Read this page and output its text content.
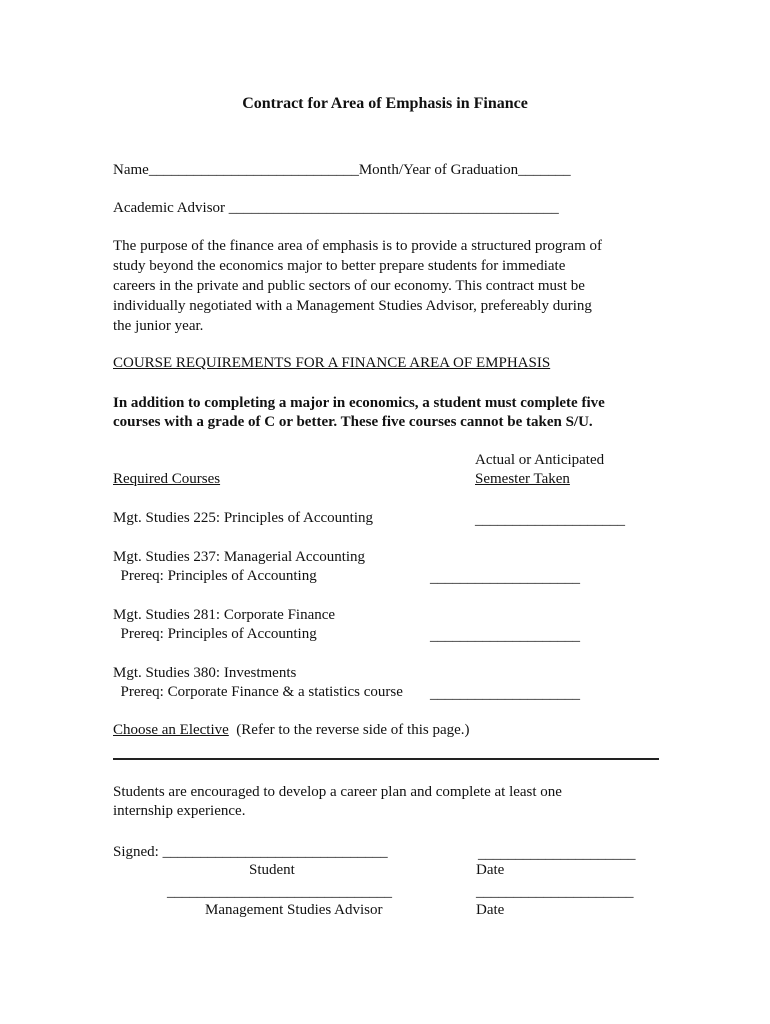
Contract for Area of Emphasis in Finance
Name____________________________Month/Year of Graduation_______
Academic Advisor ____________________________________________
The purpose of the finance area of emphasis is to provide a structured program of
study beyond the economics major to better prepare students for immediate
careers in the private and public sectors of our economy. This contract must be
individually negotiated with a Management Studies Advisor, prefereably during
the junior year.
COURSE REQUIREMENTS FOR A FINANCE AREA OF EMPHASIS
In addition to completing a major in economics, a student must complete five
courses with a grade of C or better. These five courses cannot be taken S/U.
Actual or Anticipated
Required Courses	Semester Taken
Mgt. Studies 225: Principles of Accounting	____________________
Mgt. Studies 237: Managerial Accounting
Prereq: Principles of Accounting	____________________
Mgt. Studies 281: Corporate Finance
Prereq: Principles of Accounting	____________________
Mgt. Studies 380: Investments
Prereq: Corporate Finance & a statistics course ____________________
Choose an Elective  (Refer to the reverse side of this page.)
Students are encouraged to develop a career plan and complete at least one
internship experience.
Signed: ______________________________	_____________________
Student	Date
______________________________	_____________________
Management Studies Advisor	Date
